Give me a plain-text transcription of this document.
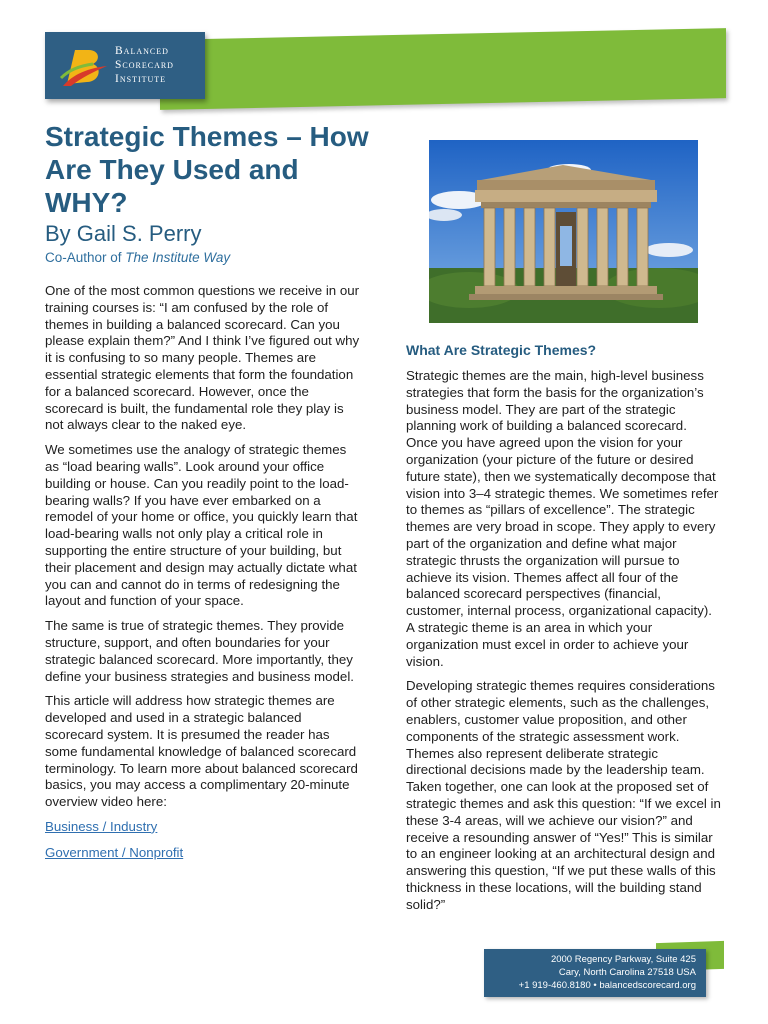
Balanced
Scorecard
Institute
Strategic Themes – How Are They Used and WHY?
By Gail S. Perry
Co-Author of The Institute Way

One of the most common questions we receive in our training courses is: “I am confused by the role of themes in building a balanced scorecard. Can you please explain them?” And I think I’ve figured out why it is confusing to so many people. Themes are essential strategic elements that form the foundation for a balanced scorecard. However, once the scorecard is built, the fundamental role they play is not always clear to the naked eye.

We sometimes use the analogy of strategic themes as “load bearing walls”. Look around your office building or house. Can you readily point to the load-bearing walls? If you have ever embarked on a remodel of your home or office, you quickly learn that load-bearing walls not only play a critical role in supporting the entire structure of your building, but their placement and design may actually dictate what you can and cannot do in terms of redesigning the layout and function of your space.

The same is true of strategic themes. They provide structure, support, and often boundaries for your strategic balanced scorecard. More importantly, they define your business strategies and business model.

This article will address how strategic themes are developed and used in a strategic balanced scorecard system. It is presumed the reader has some fundamental knowledge of balanced scorecard terminology. To learn more about balanced scorecard basics, you may access a complimentary 20-minute overview video here:

Business / Industry
Government / Nonprofit
What Are Strategic Themes?

Strategic themes are the main, high-level business strategies that form the basis for the organization’s business model. They are part of the strategic planning work of building a balanced scorecard. Once you have agreed upon the vision for your organization (your picture of the future or desired future state), then we systematically decompose that vision into 3–4 strategic themes. We sometimes refer to themes as “pillars of excellence”. The strategic themes are very broad in scope. They apply to every part of the organization and define what major strategic thrusts the organization will pursue to achieve its vision. Themes affect all four of the balanced scorecard perspectives (financial, customer, internal process, organizational capacity). A strategic theme is an area in which your organization must excel in order to achieve your vision.

Developing strategic themes requires considerations of other strategic elements, such as the challenges, enablers, customer value proposition, and other components of the strategic assessment work. Themes also represent deliberate strategic directional decisions made by the leadership team. Taken together, one can look at the proposed set of strategic themes and ask this question: “If we excel in these 3-4 areas, will we achieve our vision?” and receive a resounding answer of “Yes!” This is similar to an engineer looking at an architectural design and answering this question, “If we put these walls of this thickness in these locations, will the building stand solid?”

2000 Regency Parkway, Suite 425
Cary, North Carolina 27518 USA
+1 919-460.8180 • balancedscorecard.org
